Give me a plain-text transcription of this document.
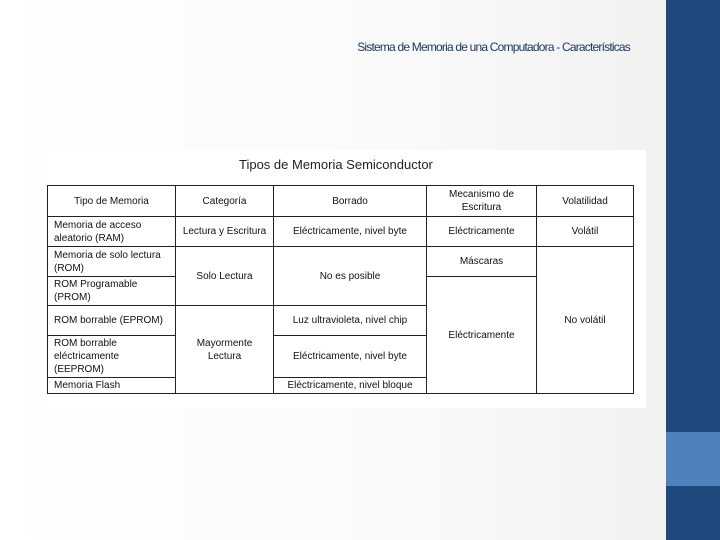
Sistema de Memoria de una Computadora - Características
Tipos de Memoria Semiconductor
Tipo de Memoria	Categoría	Borrado	Mecanismo de Escritura	Volatilidad
Memoria de acceso aleatorio (RAM)	Lectura y Escritura	Eléctricamente, nivel byte	Eléctricamente	Volátil
Memoria de solo lectura (ROM)	Solo Lectura	No es posible	Máscaras	No volátil
ROM Programable (PROM)			Eléctricamente	
ROM borrable (EPROM)	Mayormente Lectura	Luz ultravioleta, nivel chip		
ROM borrable eléctricamente (EEPROM)		Eléctricamente, nivel byte		
Memoria Flash		Eléctricamente, nivel bloque		
